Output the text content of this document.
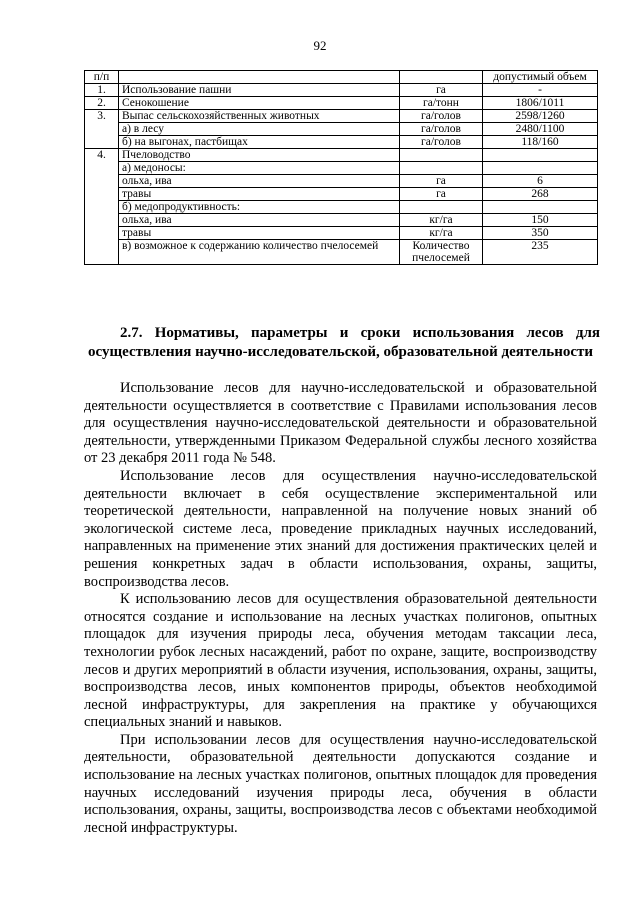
92
п/п			допустимый объем
1.	Использование пашни	га	-
2.	Сенокошение	га/тонн	1806/1011
3.	Выпас сельскохозяйственных животных	га/голов	2598/1260
	а) в лесу	га/голов	2480/1100
	б) на выгонах, пастбищах	га/голов	118/160
4.	Пчеловодство		
	а) медоносы:		
	ольха, ива	га	6
	травы	га	268
	б) медопродуктивность:		
	ольха, ива	кг/га	150
	травы	кг/га	350
	в) возможное к содержанию количество пчелосемей	Количество пчелосемей	235

2.7. Нормативы, параметры и сроки использования лесов для

осуществления научно-исследовательской, образовательной деятельности

Использование лесов для научно-исследовательской и образовательной деятельности осуществляется в соответствие с Правилами использования лесов для осуществления научно-исследовательской деятельности и образовательной деятельности, утвержденными Приказом Федеральной службы лесного хозяйства от 23 декабря 2011 года № 548.

Использование лесов для осуществления научно-исследовательской деятельности включает в себя осуществление экспериментальной или теоретической деятельности, направленной на получение новых знаний об экологической системе леса, проведение прикладных научных исследований, направленных на применение этих знаний для достижения практических целей и решения конкретных задач в области использования, охраны, защиты, воспроизводства лесов.

К использованию лесов для осуществления образовательной деятельности относятся создание и использование на лесных участках полигонов, опытных площадок для изучения природы леса, обучения методам таксации леса, технологии рубок лесных насаждений, работ по охране, защите, воспроизводству лесов и других мероприятий в области изучения, использования, охраны, защиты, воспроизводства лесов, иных компонентов природы, объектов необходимой лесной инфраструктуры, для закрепления на практике у обучающихся специальных знаний и навыков.

При использовании лесов для осуществления научно-исследовательской деятельности, образовательной деятельности допускаются создание и использование на лесных участках полигонов, опытных площадок для проведения научных исследований изучения природы леса, обучения в области использования, охраны, защиты, воспроизводства лесов с объектами необходимой лесной инфраструктуры.
